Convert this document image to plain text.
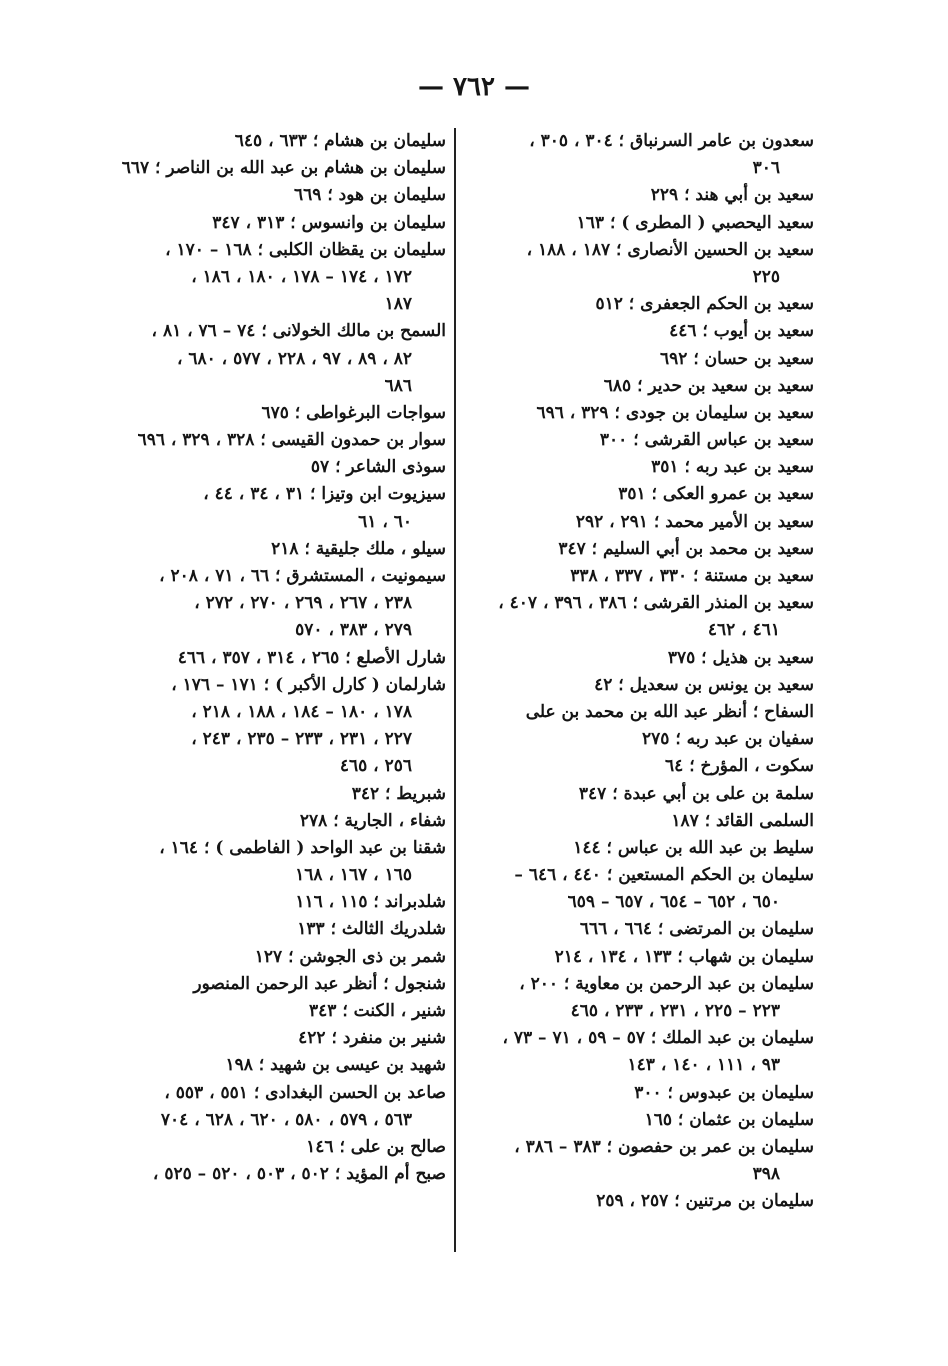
— ٧٦٢ —
سعدون بن عامر السرنباق ؛ ٣٠٤ ، ٣٠٥ ،
٣٠٦
سعيد بن أبي هند ؛ ٢٢٩
سعيد اليحصبي ( المطرى ) ؛ ١٦٣
سعيد بن الحسين الأنصارى ؛ ١٨٧ ، ١٨٨ ،
٢٢٥
سعيد بن الحكم الجعفرى ؛ ٥١٢
سعيد بن أيوب ؛ ٤٤٦
سعيد بن حسان ؛ ٦٩٢
سعيد بن سعيد بن حدير ؛ ٦٨٥
سعيد بن سليمان بن جودى ؛ ٣٢٩ ، ٦٩٦
سعيد بن عباس القرشى ؛ ٣٠٠
سعيد بن عبد ربه ؛ ٣٥١
سعيد بن عمرو العكى ؛ ٣٥١
سعيد بن الأمير محمد ؛ ٢٩١ ، ٢٩٢
سعيد بن محمد بن أبي السليم ؛ ٣٤٧
سعيد بن مستنة ؛ ٣٣٠ ، ٣٣٧ ، ٣٣٨
سعيد بن المنذر القرشى ؛ ٣٨٦ ، ٣٩٦ ، ٤٠٧ ،
٤٦١ ، ٤٦٢
سعيد بن هذيل ؛ ٣٧٥
سعيد بن يونس بن سعديل ؛ ٤٢
السفاح ؛ أنظر عبد الله بن محمد بن على
سفيان بن عبد ربه ؛ ٢٧٥
سكوت ، المؤرخ ؛ ٦٤
سلمة بن على بن أبي عبدة ؛ ٣٤٧
السلمى القائد ؛ ١٨٧
سليط بن عبد الله بن عباس ؛ ١٤٤
سليمان بن الحكم المستعين ؛ ٤٤٠ ، ٦٤٦ –
٦٥٠ ، ٦٥٢ – ٦٥٤ ، ٦٥٧ – ٦٥٩
سليمان بن المرتضى ؛ ٦٦٤ ، ٦٦٦
سليمان بن شهاب ؛ ١٣٣ ، ١٣٤ ، ٢١٤
سليمان بن عبد الرحمن بن معاوية ؛ ٢٠٠ ،
٢٢٣ – ٢٢٥ ، ٢٣١ ، ٢٣٣ ، ٤٦٥
سليمان بن عبد الملك ؛ ٥٧ – ٥٩ ، ٧١ – ٧٣ ،
٩٣ ، ١١١ ، ١٤٠ ، ١٤٣
سليمان بن عبدوس ؛ ٣٠٠
سليمان بن عثمان ؛ ١٦٥
سليمان بن عمر بن حفصون ؛ ٣٨٣ – ٣٨٦ ،
٣٩٨
سليمان بن مرتنين ؛ ٢٥٧ ، ٢٥٩
سليمان بن هشام ؛ ٦٣٣ ، ٦٤٥
سليمان بن هشام بن عبد الله بن الناصر ؛ ٦٦٧
سليمان بن هود ؛ ٦٦٩
سليمان بن وانسوس ؛ ٣١٣ ، ٣٤٧
سليمان بن يقظان الكلبى ؛ ١٦٨ – ١٧٠ ،
١٧٢ ، ١٧٤ – ١٧٨ ، ١٨٠ ، ١٨٦ ،
١٨٧
السمح بن مالك الخولانى ؛ ٧٤ – ٧٦ ، ٨١ ،
٨٢ ، ٨٩ ، ٩٧ ، ٢٢٨ ، ٥٧٧ ، ٦٨٠ ،
٦٨٦
سواجات البرغواطى ؛ ٦٧٥
سوار بن حمدون القيسى ؛ ٣٢٨ ، ٣٢٩ ، ٦٩٦
سوذى الشاعر ؛ ٥٧
سيزيوت ابن وتيزا ؛ ٣١ ، ٣٤ ، ٤٤ ،
٦٠ ، ٦١
سيلو ، ملك جليقية ؛ ٢١٨
سيمونيت ، المستشرق ؛ ٦٦ ، ٧١ ، ٢٠٨ ،
٢٣٨ ، ٢٦٧ ، ٢٦٩ ، ٢٧٠ ، ٢٧٢ ،
٢٧٩ ، ٣٨٣ ، ٥٧٠
شارل الأصلع ؛ ٢٦٥ ، ٣١٤ ، ٣٥٧ ، ٤٦٦
شارلمان ( كارل الأكبر ) ؛ ١٧١ – ١٧٦ ،
١٧٨ ، ١٨٠ – ١٨٤ ، ١٨٨ ، ٢١٨ ،
٢٢٧ ، ٢٣١ ، ٢٣٣ – ٢٣٥ ، ٢٤٣ ،
٢٥٦ ، ٤٦٥
شبريط ؛ ٣٤٢
شفاء ، الجارية ؛ ٢٧٨
شقنا بن عبد الواحد ( الفاطمى ) ؛ ١٦٤ ،
١٦٥ ، ١٦٧ ، ١٦٨
شلدبراند ؛ ١١٥ ، ١١٦
شلدريك الثالث ؛ ١٣٣
شمر بن ذى الجوشن ؛ ١٢٧
شنجول ؛ أنظر عبد الرحمن المنصور
شنير ، الكنت ؛ ٣٤٣
شنير بن منفرد ؛ ٤٢٢
شهيد بن عيسى بن شهيد ؛ ١٩٨
صاعد بن الحسن البغدادى ؛ ٥٥١ ، ٥٥٣ ،
٥٦٣ ، ٥٧٩ ، ٥٨٠ ، ٦٢٠ ، ٦٢٨ ، ٧٠٤
صالح بن على ؛ ١٤٦
صبح أم المؤيد ؛ ٥٠٢ ، ٥٠٣ ، ٥٢٠ – ٥٢٥ ،
